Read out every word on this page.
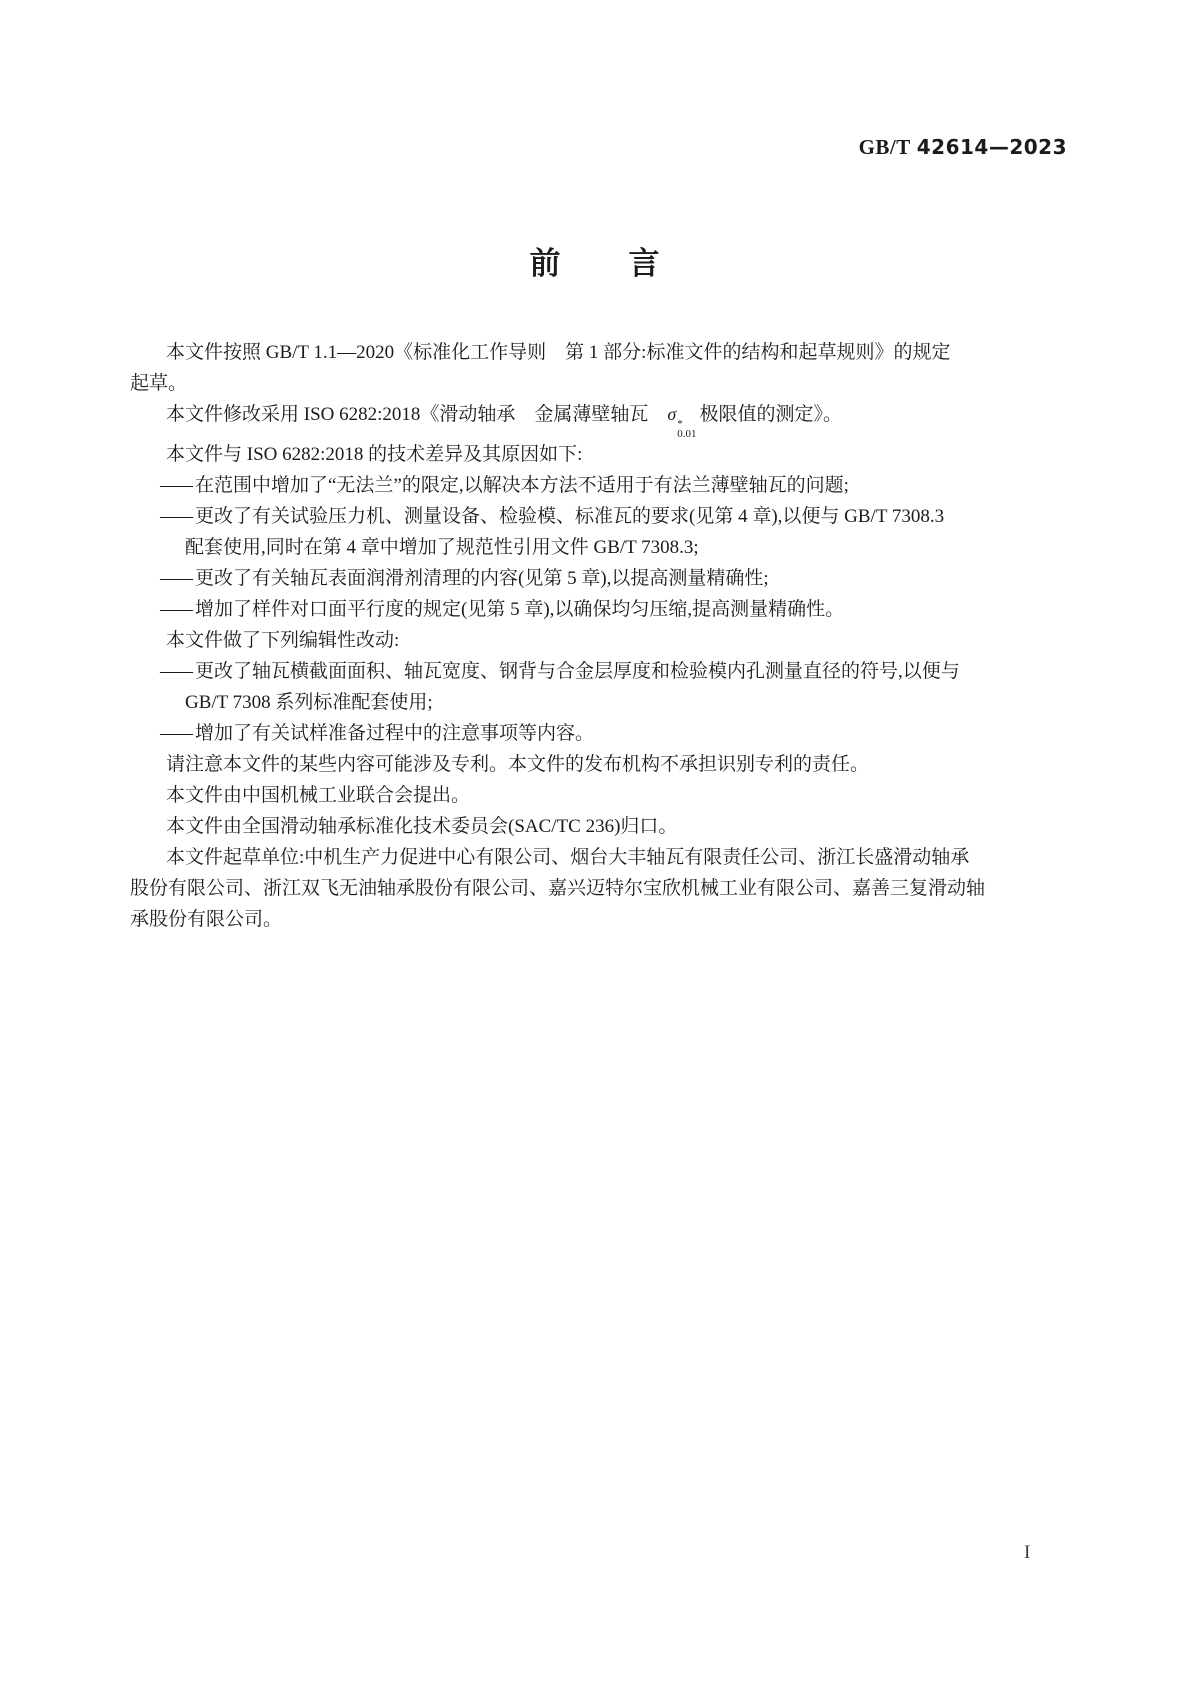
GB/T 42614—2023
前　　言
本文件按照 GB/T 1.1—2020《标准化工作导则　第 1 部分:标准文件的结构和起草规则》的规定
起草。
本文件修改采用 ISO 6282:2018《滑动轴承　金属薄壁轴瓦　σ *
0.01
极限值的测定》。
本文件与 ISO 6282:2018 的技术差异及其原因如下:
—— 在范围中增加了“无法兰”的限定,以解决本方法不适用于有法兰薄壁轴瓦的问题;
—— 更改了有关试验压力机、测量设备、检验模、标准瓦的要求(见第 4 章),以便与 GB/T 7308.3
配套使用,同时在第 4 章中增加了规范性引用文件 GB/T 7308.3;
—— 更改了有关轴瓦表面润滑剂清理的内容(见第 5 章),以提高测量精确性;
—— 增加了样件对口面平行度的规定(见第 5 章),以确保均匀压缩,提高测量精确性。
本文件做了下列编辑性改动:
—— 更改了轴瓦横截面面积、轴瓦宽度、钢背与合金层厚度和检验模内孔测量直径的符号,以便与
GB/T 7308 系列标准配套使用;
—— 增加了有关试样准备过程中的注意事项等内容。
请注意本文件的某些内容可能涉及专利。本文件的发布机构不承担识别专利的责任。
本文件由中国机械工业联合会提出。
本文件由全国滑动轴承标准化技术委员会(SAC/TC 236)归口。
本文件起草单位:中机生产力促进中心有限公司、烟台大丰轴瓦有限责任公司、浙江长盛滑动轴承
股份有限公司、浙江双飞无油轴承股份有限公司、嘉兴迈特尔宝欣机械工业有限公司、嘉善三复滑动轴
承股份有限公司。
I
